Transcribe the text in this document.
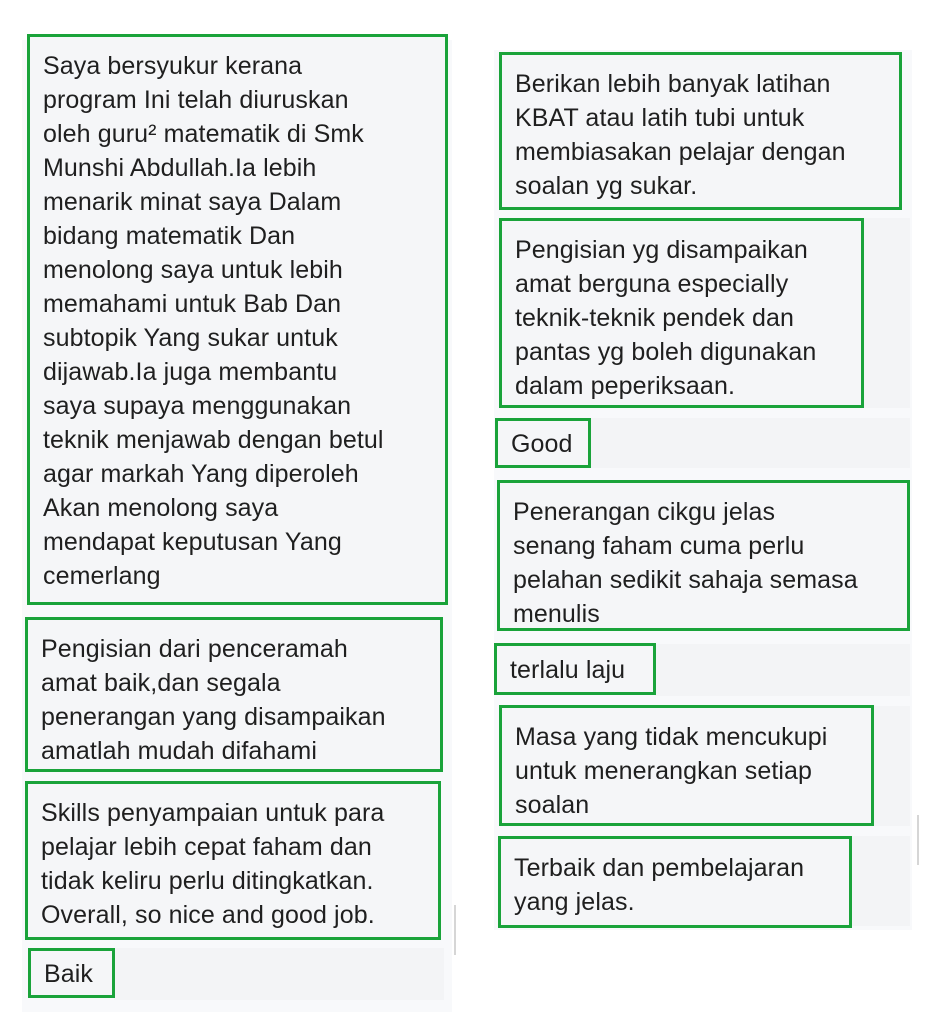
Saya bersyukur kerana
program Ini telah diuruskan
oleh guru² matematik di Smk
Munshi Abdullah.Ia lebih
menarik minat saya Dalam
bidang matematik Dan
menolong saya untuk lebih
memahami untuk Bab Dan
subtopik Yang sukar untuk
dijawab.Ia juga membantu
saya supaya menggunakan
teknik menjawab dengan betul
agar markah Yang diperoleh
Akan menolong saya
mendapat keputusan Yang
cemerlang
Pengisian dari penceramah
amat baik,dan segala
penerangan yang disampaikan
amatlah mudah difahami
Skills penyampaian untuk para
pelajar lebih cepat faham dan
tidak keliru perlu ditingkatkan.
Overall, so nice and good job.
Baik
Berikan lebih banyak latihan
KBAT atau latih tubi untuk
membiasakan pelajar dengan
soalan yg sukar.
Pengisian yg disampaikan
amat berguna especially
teknik-teknik pendek dan
pantas yg boleh digunakan
dalam peperiksaan.
Good
Penerangan cikgu jelas
senang faham cuma perlu
pelahan sedikit sahaja semasa
menulis
terlalu laju
Masa yang tidak mencukupi
untuk menerangkan setiap
soalan
Terbaik dan pembelajaran
yang jelas.
